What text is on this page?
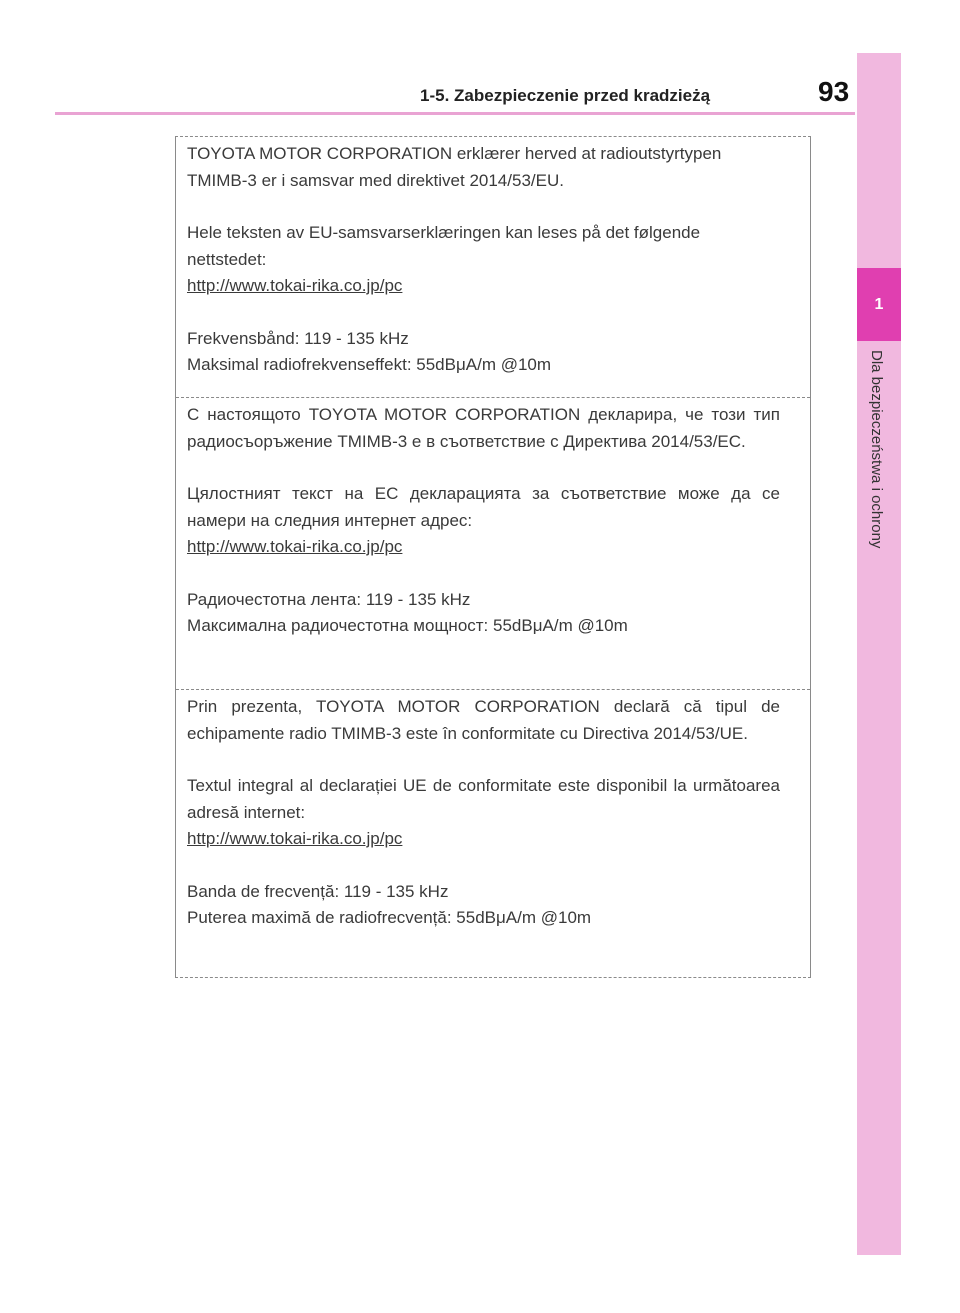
1-5. Zabezpieczenie przed kradzieżą	93
1
Dla bezpieczeństwa i ochrony

TOYOTA MOTOR CORPORATION erklærer herved at radioutstyrtypen TMIMB-3 er i samsvar med direktivet 2014/53/EU.

Hele teksten av EU-samsvarserklæringen kan leses på det følgende nettstedet:

http://www.tokai-rika.co.jp/pc

Frekvensbånd: 119 - 135 kHz

Maksimal radiofrekvenseffekt: 55dBμA/m @10m

С настоящото TOYOTA MOTOR CORPORATION декларира, че този тип радиосъоръжение TMIMB-3 е в съответствие с Директива 2014/53/ЕС.

Цялостният текст на ЕС декларацията за съответствие може да се намери на следния интернет адрес:

http://www.tokai-rika.co.jp/pc

Радиочестотна лента: 119 - 135 kHz

Максимална радиочестотна мощност: 55dBμA/m @10m

Prin prezenta, TOYOTA MOTOR CORPORATION declară că tipul de echipamente radio TMIMB-3 este în conformitate cu Directiva 2014/53/UE.

Textul integral al declarației UE de conformitate este disponibil la următoarea adresă internet:

http://www.tokai-rika.co.jp/pc

Banda de frecvență: 119 - 135 kHz

Puterea maximă de radiofrecvență: 55dBμA/m @10m
